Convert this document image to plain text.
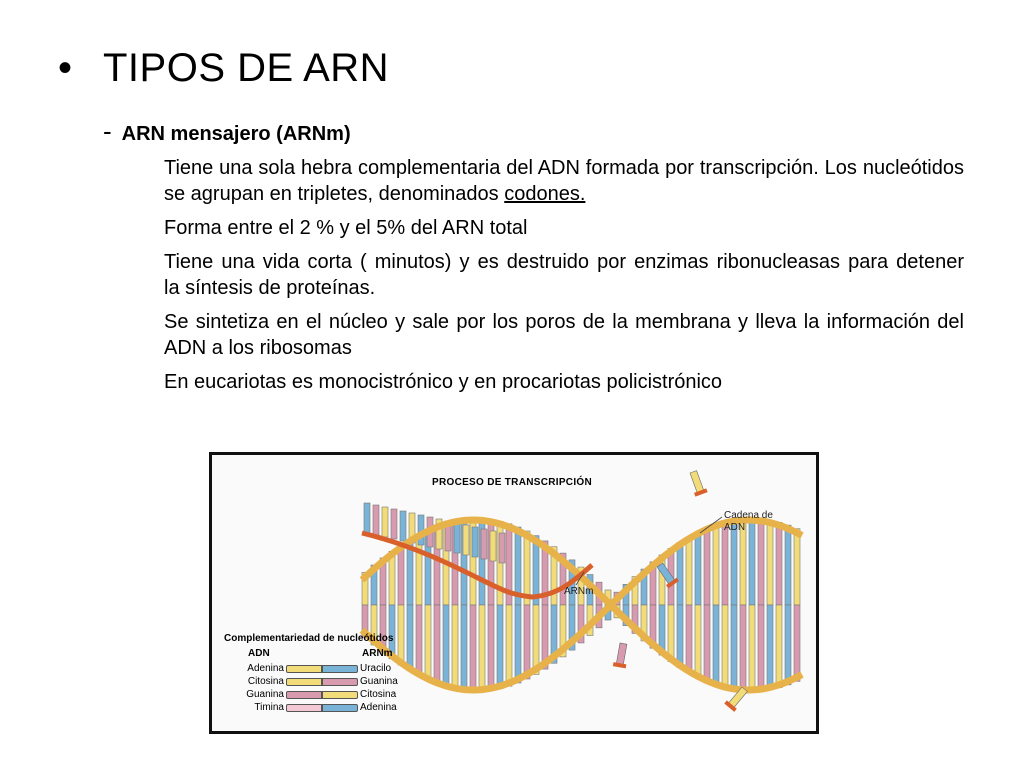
• TIPOS DE ARN
- ARN mensajero (ARNm)

Tiene una sola hebra complementaria del ADN formada por transcripción. Los nucleótidos se agrupan en tripletes, denominados codones.

Forma entre el 2 % y el 5% del ARN total

Tiene una vida corta ( minutos) y es destruido por enzimas ribonucleasas para detener    la síntesis de proteínas.

Se sintetiza en el núcleo y sale por los poros de la membrana y lleva la información del ADN a los ribosomas

En eucariotas es monocistrónico y en procariotas policistrónico

PROCESO DE TRANSCRIPCIÓN
Cadena de ADN
ARNm
Complementariedad de nucleótidos
ADN	ARNm
Adenina	Uracilo
Citosina	Guanina
Guanina	Citosina
Timina	Adenina
